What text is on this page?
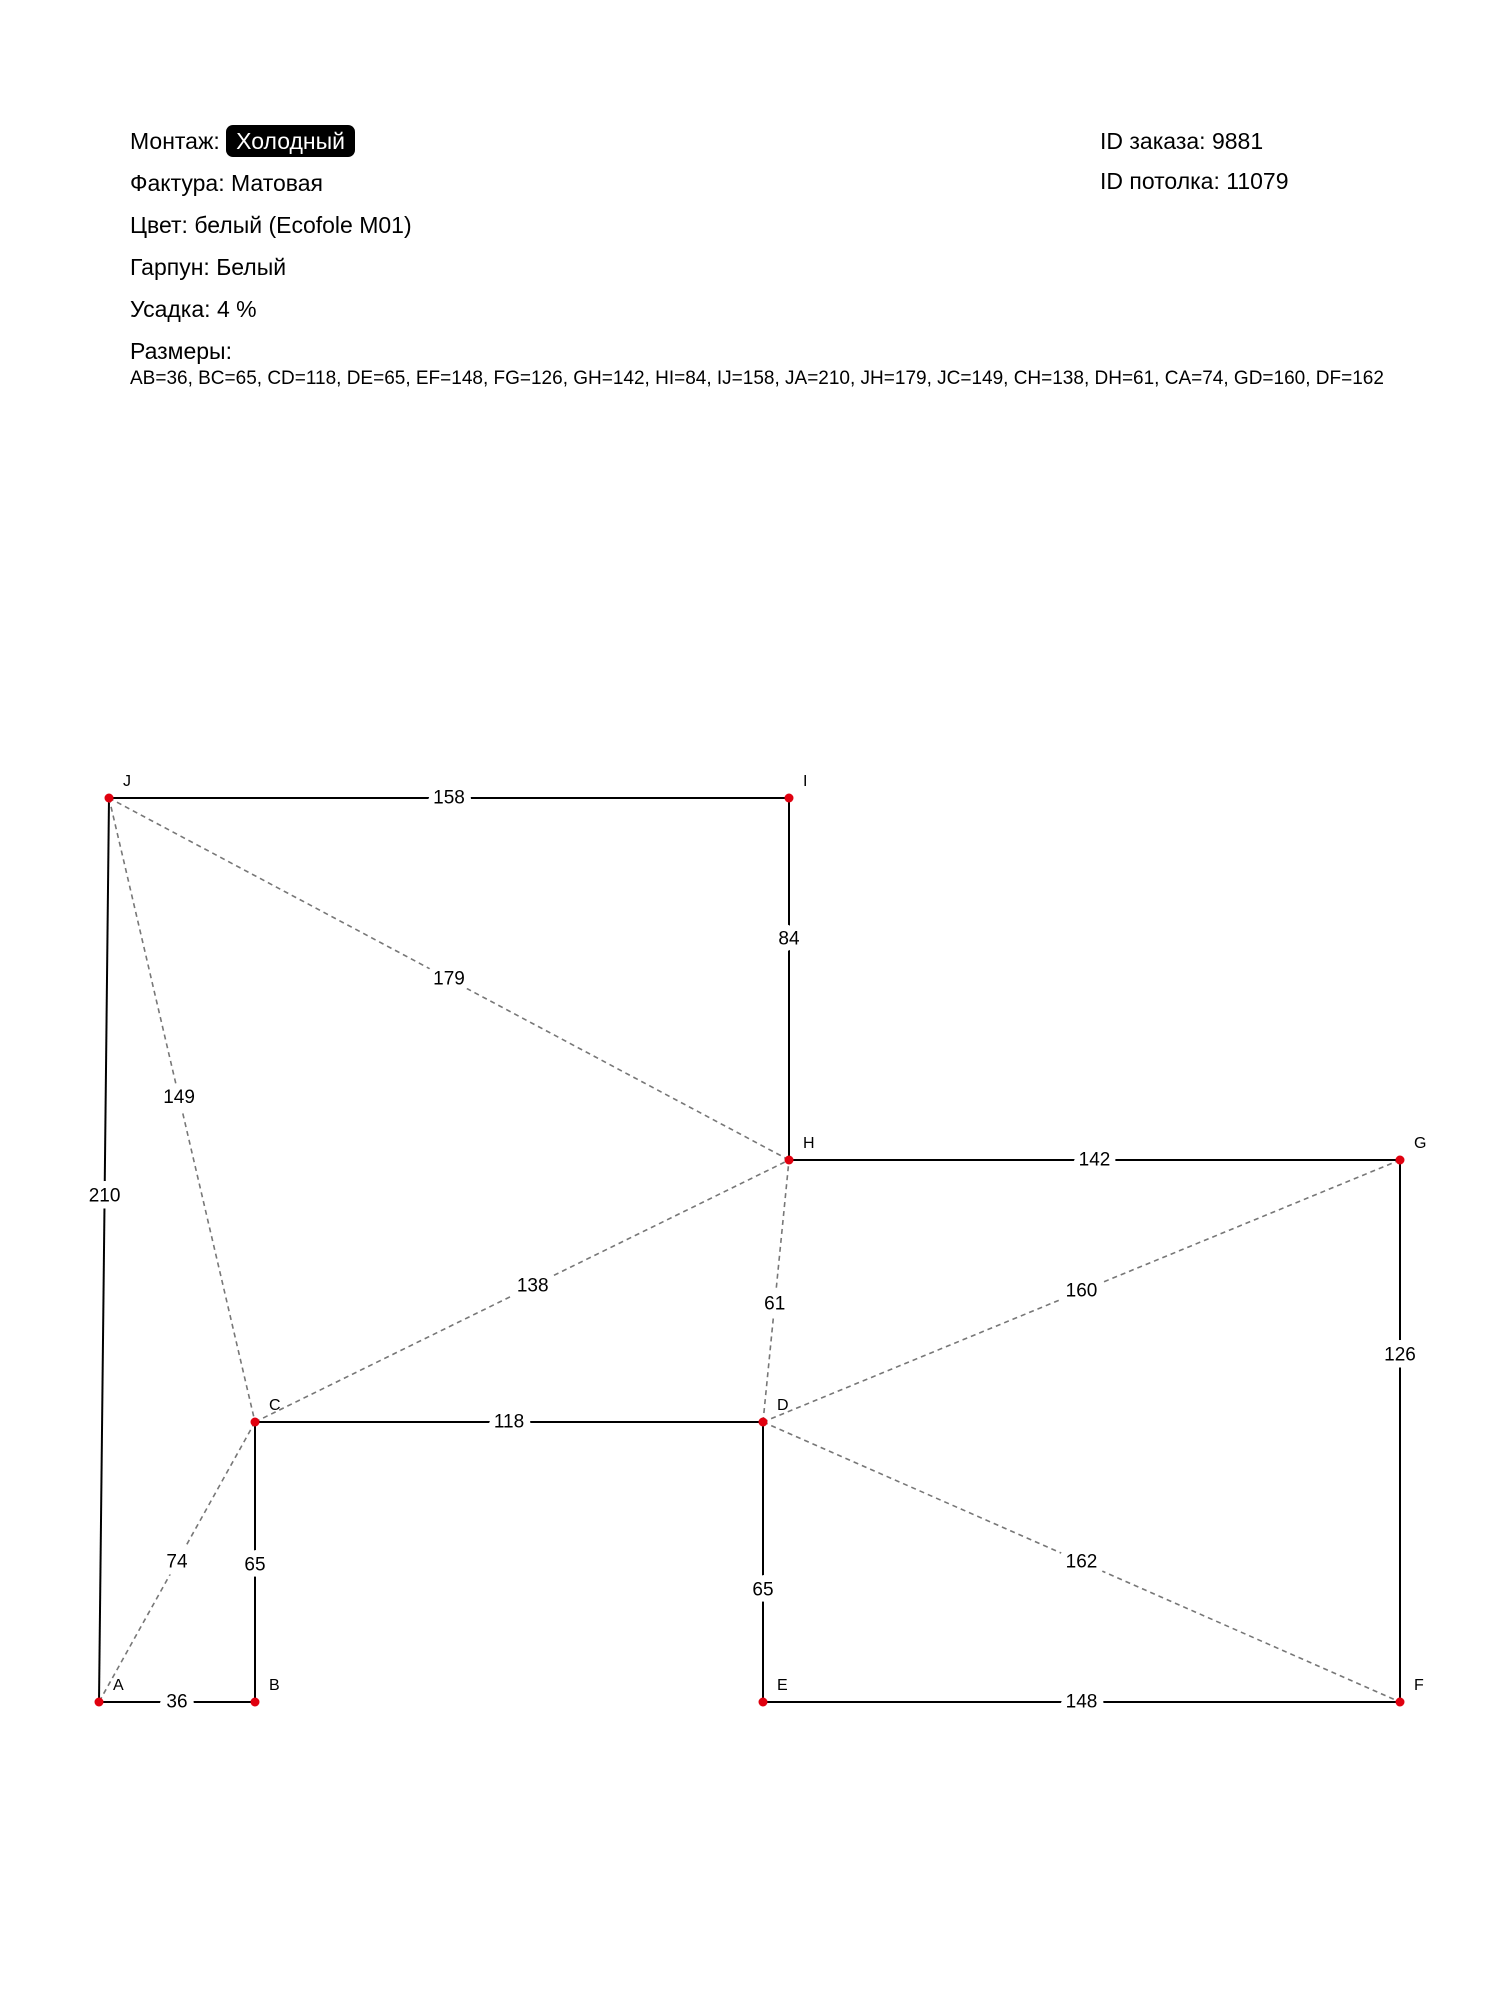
Монтаж: Холодный
Фактура: Матовая
Цвет: белый (Ecofole M01)
Гарпун: Белый
Усадка: 4 %
Размеры:
AB=36, BC=65, CD=118, DE=65, EF=148, FG=126, GH=142, HI=84, IJ=158, JA=210, JH=179, JC=149, CH=138, DH=61, CA=74, GD=160, DF=162
ID заказа: 9881
ID потолка: 11079
36
65
118
65
148
126
142
84
158
210
179
149
138
61
74
160
162
A	B
C	D
E	F
G
H
I
J
